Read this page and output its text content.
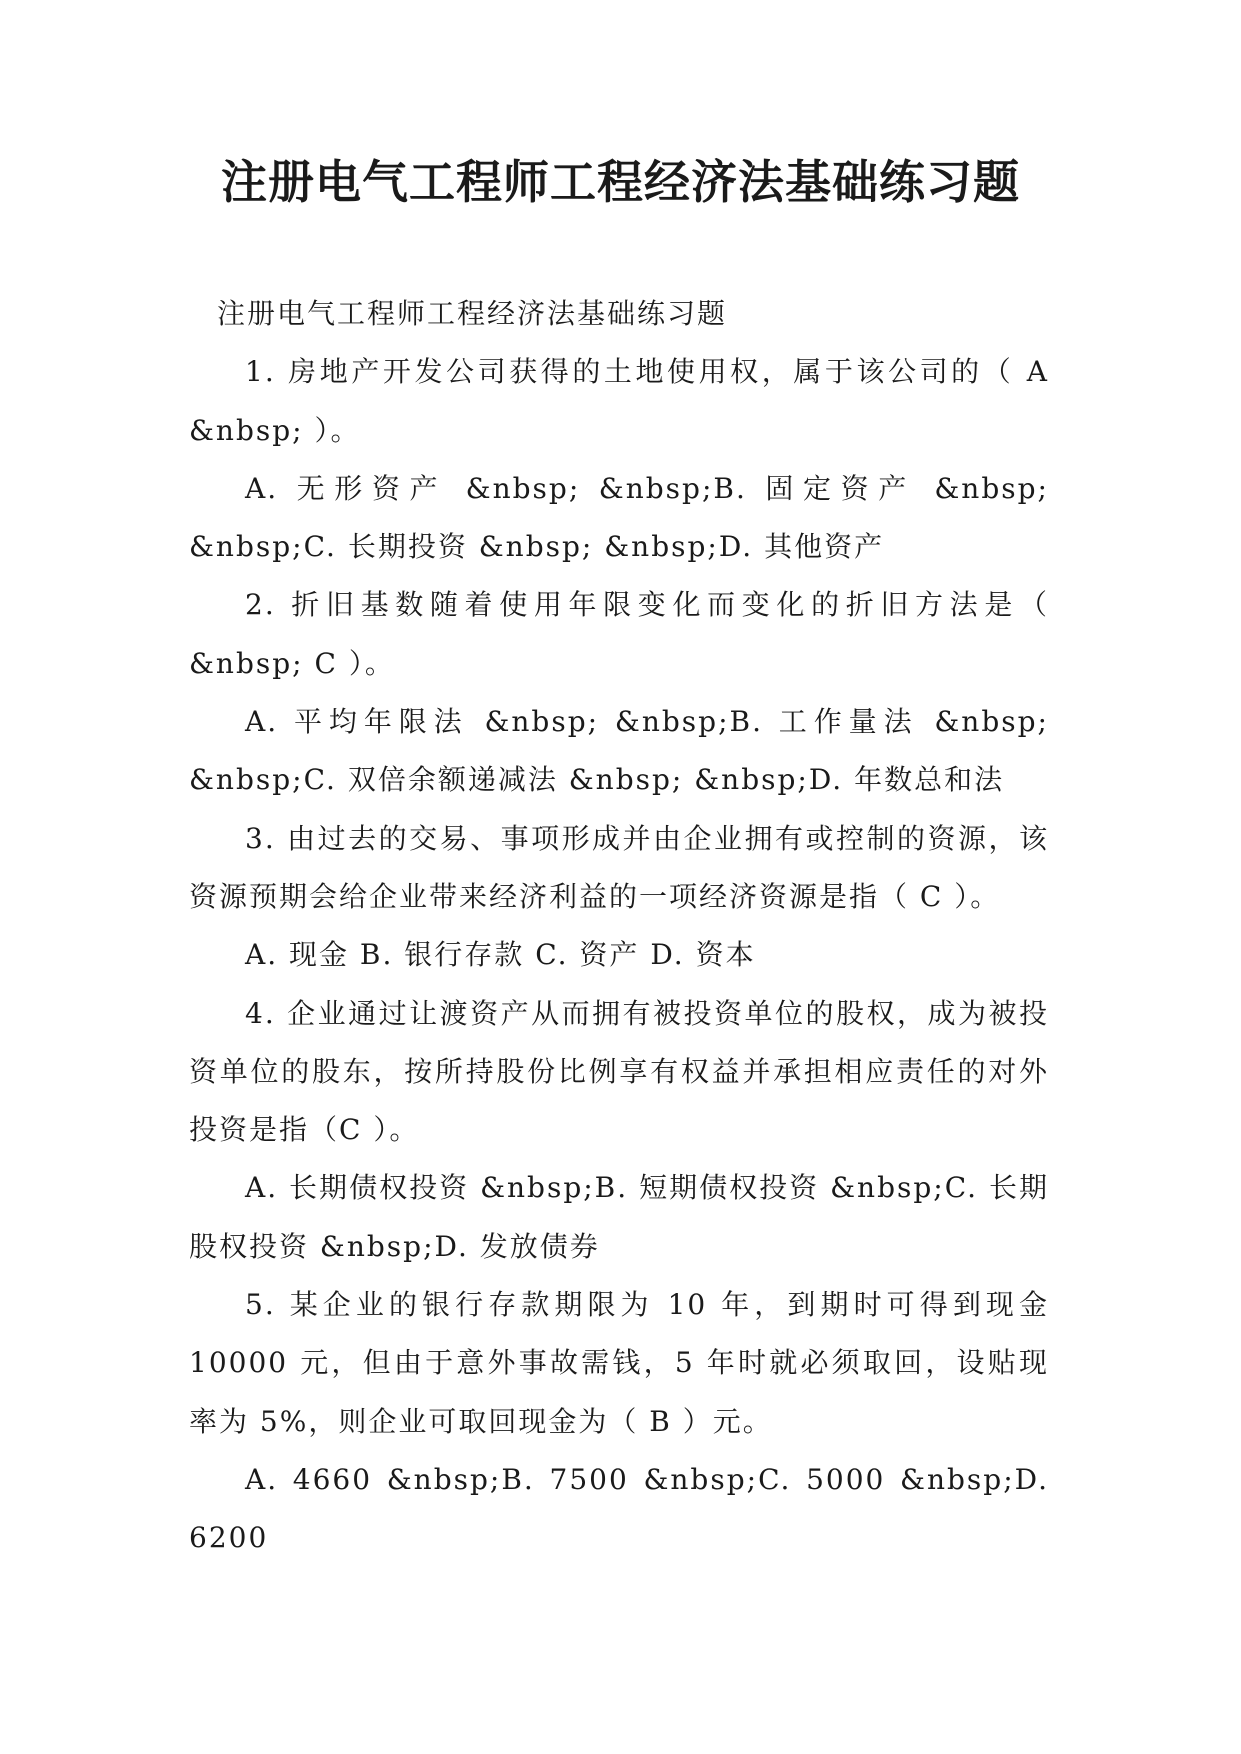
注册电气工程师工程经济法基础练习题

注册电气工程师工程经济法基础练习题

1. 房地产开发公司获得的土地使用权，属于该公司的（ A &nbsp; ）。

A. 无形资产 &nbsp; &nbsp;B. 固定资产 &nbsp; &nbsp;C. 长期投资 &nbsp; &nbsp;D. 其他资产

2. 折旧基数随着使用年限变化而变化的折旧方法是（ &nbsp; C ）。

A. 平均年限法 &nbsp; &nbsp;B. 工作量法 &nbsp; &nbsp;C. 双倍余额递减法 &nbsp; &nbsp;D. 年数总和法

3. 由过去的交易、事项形成并由企业拥有或控制的资源，该资源预期会给企业带来经济利益的一项经济资源是指（ C ）。

A. 现金 B. 银行存款 C. 资产 D. 资本

4. 企业通过让渡资产从而拥有被投资单位的股权，成为被投资单位的股东，按所持股份比例享有权益并承担相应责任的对外投资是指（C ）。

A. 长期债权投资 &nbsp;B. 短期债权投资 &nbsp;C. 长期股权投资 &nbsp;D. 发放债券

5. 某企业的银行存款期限为 10 年，到期时可得到现金 10000 元，但由于意外事故需钱，5 年时就必须取回，设贴现率为 5%，则企业可取回现金为（ B ）元。

A. 4660 &nbsp;B. 7500 &nbsp;C. 5000 &nbsp;D. 6200
